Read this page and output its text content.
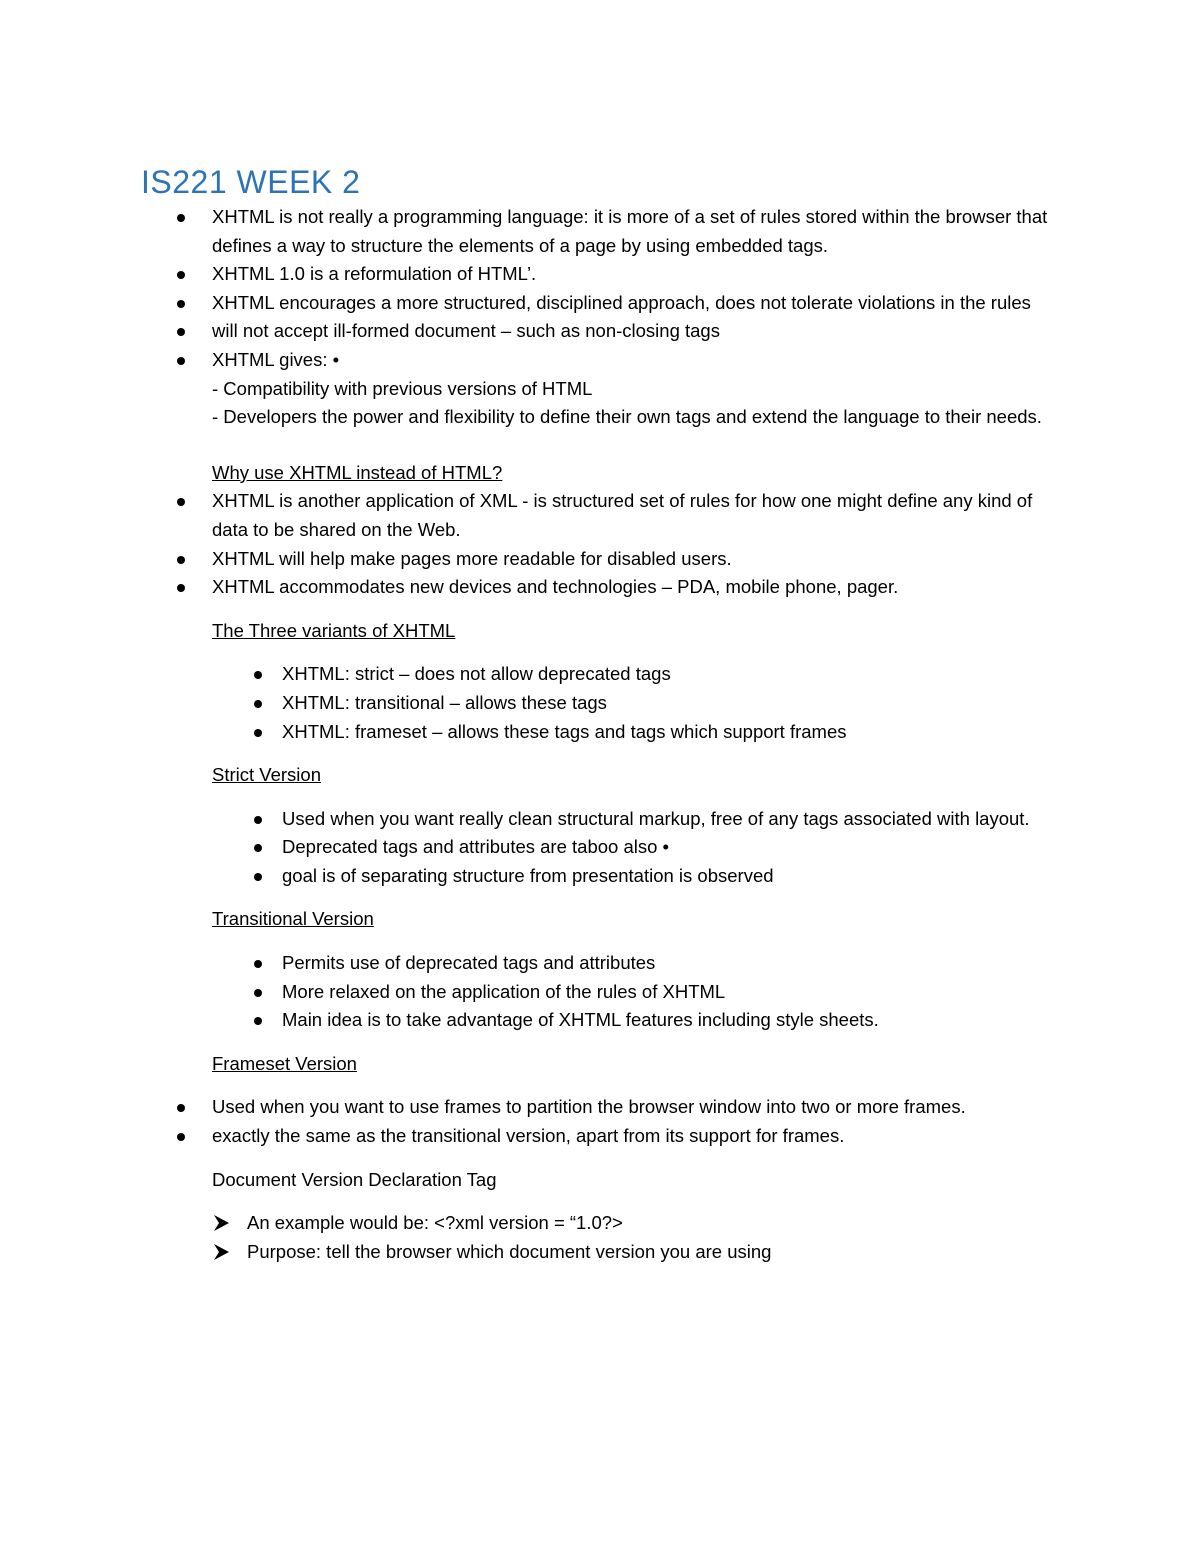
IS221 WEEK 2
XHTML is not really a programming language: it is more of a set of rules stored within the browser that defines a way to structure the elements of a page by using embedded tags.
XHTML 1.0 is a reformulation of HTML’.
XHTML encourages a more structured, disciplined approach, does not tolerate violations in the rules
will not accept ill-formed document – such as non-closing tags
XHTML gives: •
- Compatibility with previous versions of HTML
- Developers the power and flexibility to define their own tags and extend the language to their needs.
Why use XHTML instead of HTML?
XHTML is another application of XML - is structured set of rules for how one might define any kind of data to be shared on the Web.
XHTML will help make pages more readable for disabled users.
XHTML accommodates new devices and technologies – PDA, mobile phone, pager.
The Three variants of XHTML
XHTML: strict – does not allow deprecated tags
XHTML: transitional – allows these tags
XHTML: frameset – allows these tags and tags which support frames
Strict Version
Used when you want really clean structural markup, free of any tags associated with layout.
Deprecated tags and attributes are taboo also •
goal is of separating structure from presentation is observed
Transitional Version
Permits use of deprecated tags and attributes
More relaxed on the application of the rules of XHTML
Main idea is to take advantage of XHTML features including style sheets.
Frameset Version
Used when you want to use frames to partition the browser window into two or more frames.
exactly the same as the transitional version, apart from its support for frames.
Document Version Declaration Tag
An example would be: <?xml version = “1.0?>
Purpose: tell the browser which document version you are using
